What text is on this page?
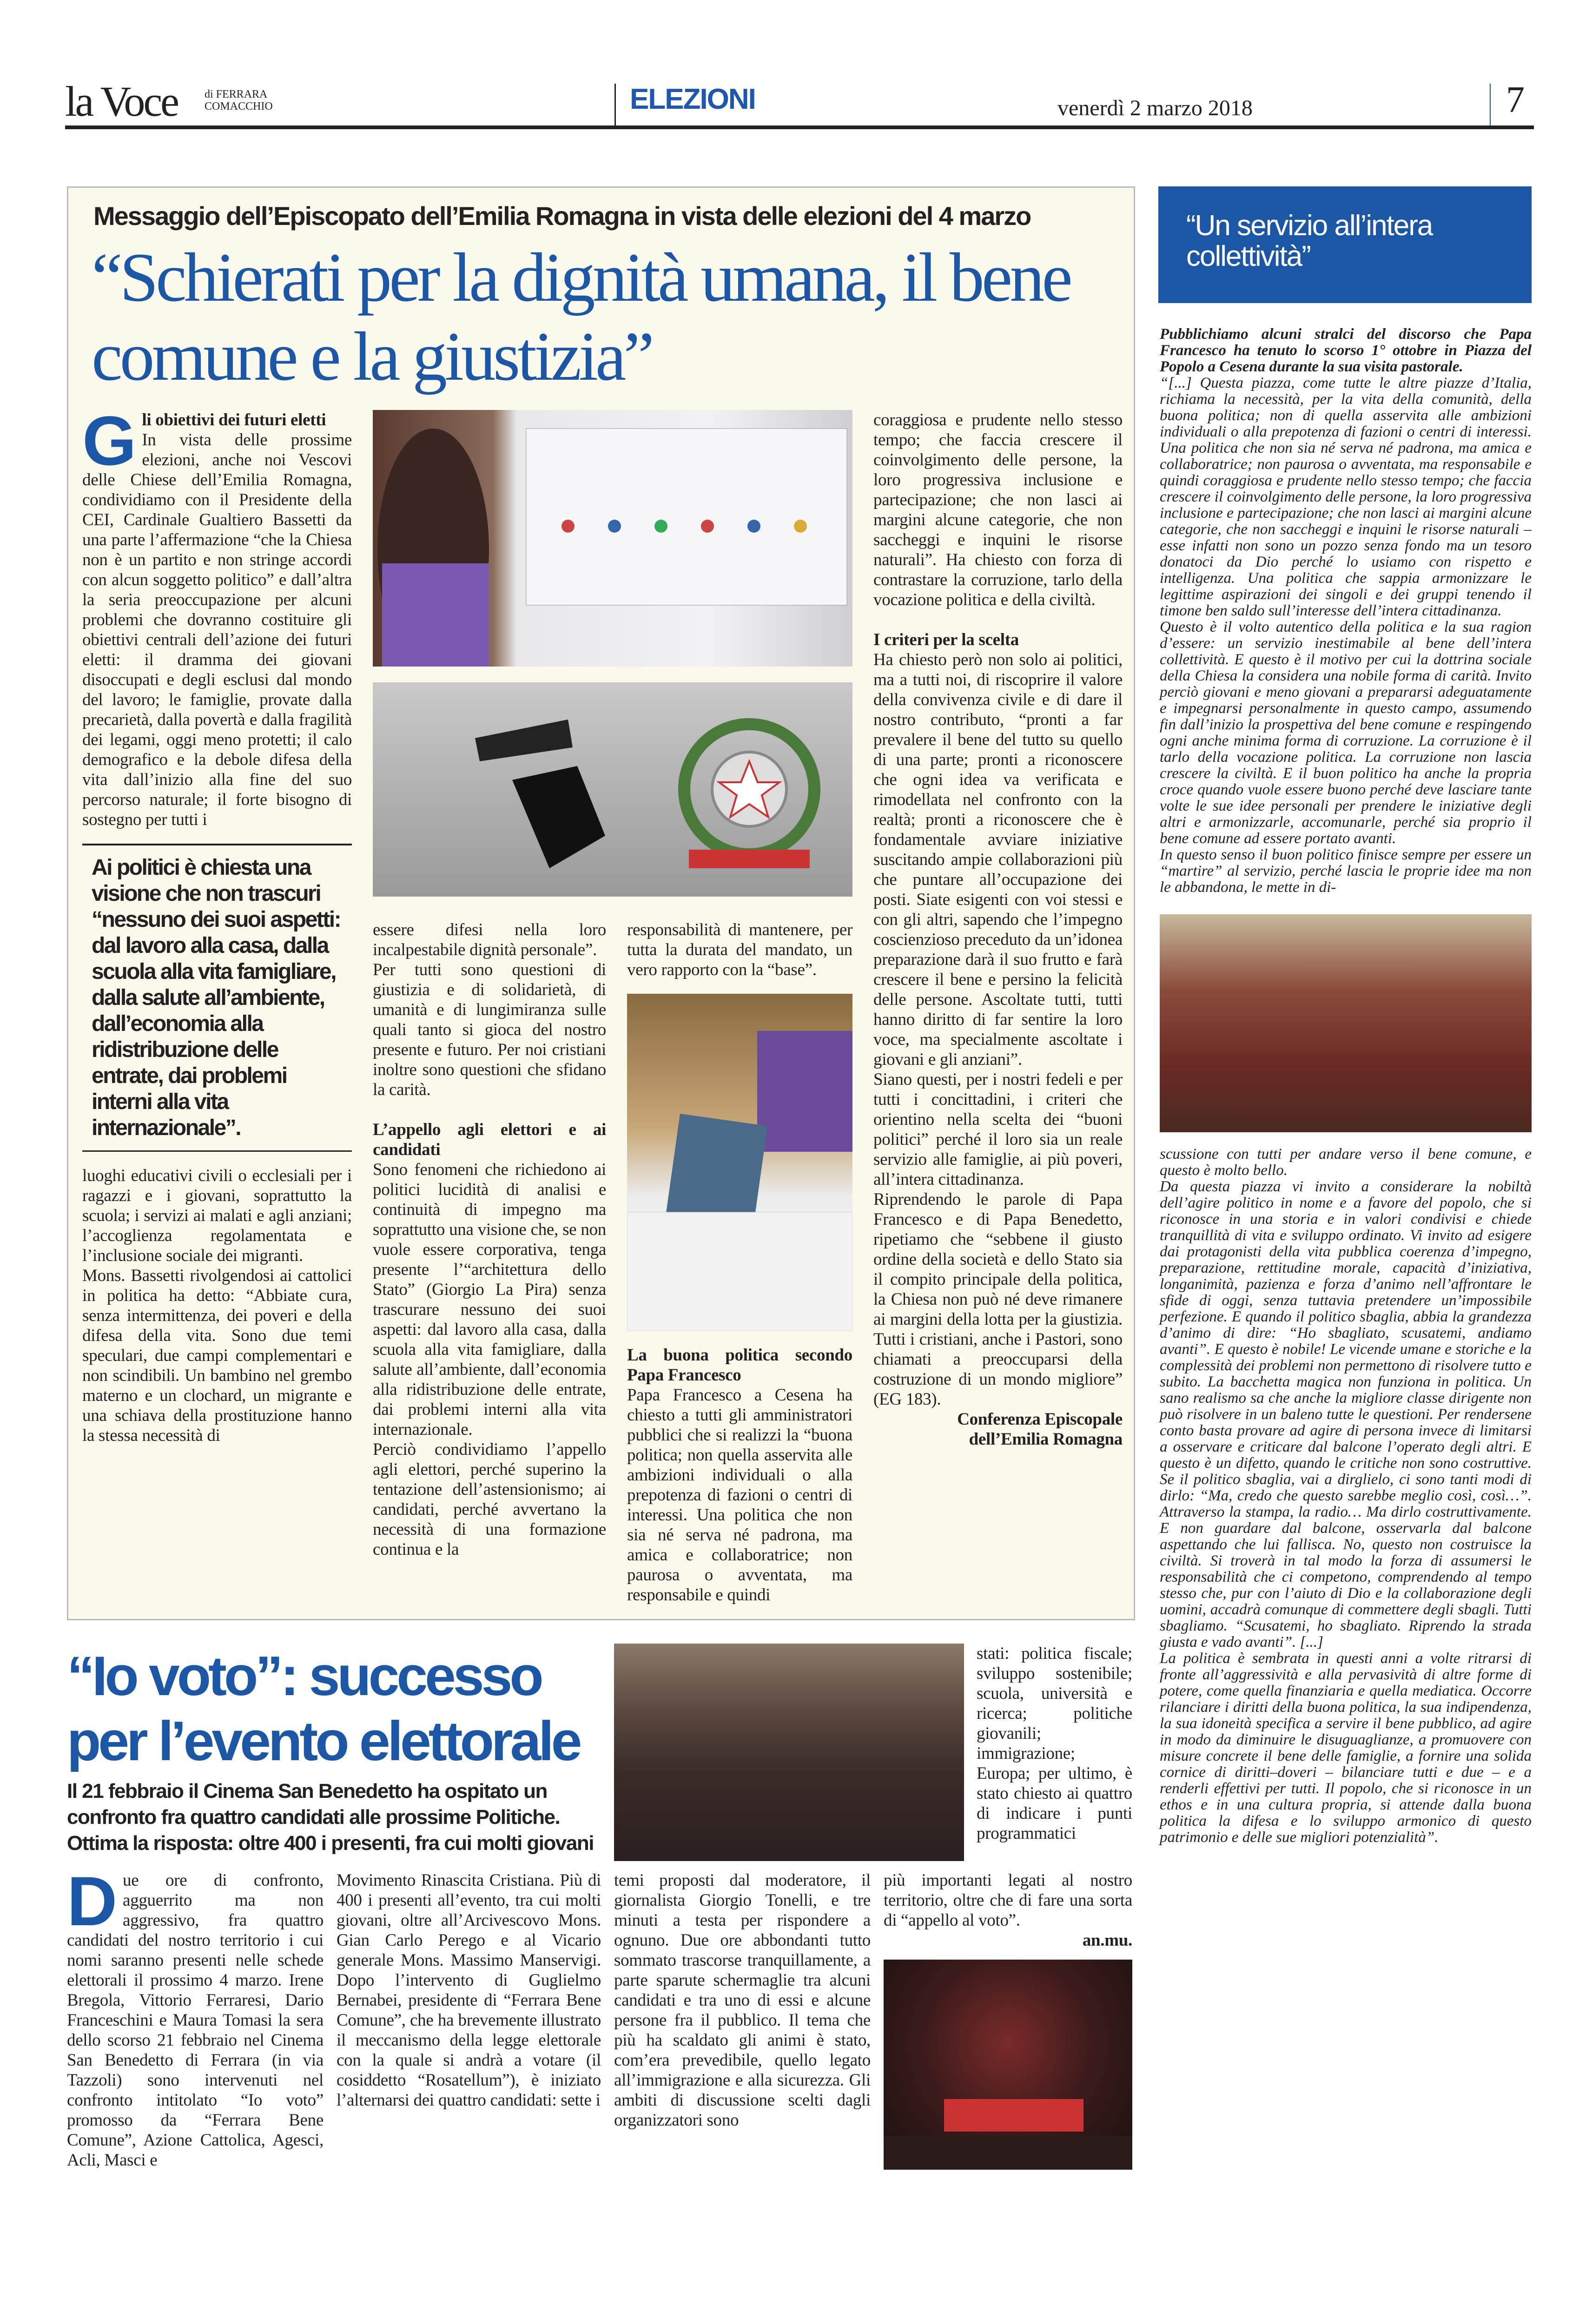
la Voce di FERRARA COMACCHIO	ELEZIONI	venerdì 2 marzo 2018	7
Messaggio dell’Episcopato dell’Emilia Romagna in vista delle elezioni del 4 marzo
“Schierati per la dignità umana, il bene comune e la giustizia”
G li obiettivi dei futuri eletti

In vista delle prossime elezioni, anche noi Vescovi delle Chiese dell’Emilia Romagna, condividiamo con il Presidente della CEI, Cardinale Gualtiero Bassetti da una parte l’affermazione “che la Chiesa non è un partito e non stringe accordi con alcun soggetto politico” e dall’altra la seria preoccupazione per alcuni problemi che dovranno costituire gli obiettivi centrali dell’azione dei futuri eletti: il dramma dei giovani disoccupati e degli esclusi dal mondo del lavoro; le famiglie, provate dalla precarietà, dalla povertà e dalla fragilità dei legami, oggi meno protetti; il calo demografico e la debole difesa della vita dall’inizio alla fine del suo percorso naturale; il forte bisogno di sostegno per tutti i

Ai politici è chiesta una visione che non trascuri “nessuno dei suoi aspetti: dal lavoro alla casa, dalla scuola alla vita famigliare, dalla salute all’ambiente, dall’economia alla ridistribuzione delle entrate, dai problemi interni alla vita internazionale”.

luoghi educativi civili o ecclesiali per i ragazzi e i giovani, soprattutto la scuola; i servizi ai malati e agli anziani; l’accoglienza regolamentata e l’inclusione sociale dei migranti.

Mons. Bassetti rivolgendosi ai cattolici in politica ha detto: “Abbiate cura, senza intermittenza, dei poveri e della difesa della vita. Sono due temi speculari, due campi complementari e non scindibili. Un bambino nel grembo materno e un clochard, un migrante e una schiava della prostituzione hanno la stessa necessità di

essere difesi nella loro incalpestabile dignità personale”.

Per tutti sono questioni di giustizia e di solidarietà, di umanità e di lungimiranza sulle quali tanto si gioca del nostro presente e futuro. Per noi cristiani inoltre sono questioni che sfidano la carità.

L’appello agli elettori e ai candidati

Sono fenomeni che richiedono ai politici lucidità di analisi e continuità di impegno ma soprattutto una visione che, se non vuole essere corporativa, tenga presente l’“architettura dello Stato” (Giorgio La Pira) senza trascurare nessuno dei suoi aspetti: dal lavoro alla casa, dalla scuola alla vita famigliare, dalla salute all’ambiente, dall’economia alla ridistribuzione delle entrate, dai problemi interni alla vita internazionale.

Perciò condividiamo l’appello agli elettori, perché superino la tentazione dell’astensionismo; ai candidati, perché avvertano la necessità di una formazione continua e la

responsabilità di mantenere, per tutta la durata del mandato, un vero rapporto con la “base”.

La buona politica secondo Papa Francesco

Papa Francesco a Cesena ha chiesto a tutti gli amministratori pubblici che si realizzi la “buona politica; non quella asservita alle ambizioni individuali o alla prepotenza di fazioni o centri di interessi. Una politica che non sia né serva né padrona, ma amica e collaboratrice; non paurosa o avventata, ma responsabile e quindi

coraggiosa e prudente nello stesso tempo; che faccia crescere il coinvolgimento delle persone, la loro progressiva inclusione e partecipazione; che non lasci ai margini alcune categorie, che non saccheggi e inquini le risorse naturali”. Ha chiesto con forza di contrastare la corruzione, tarlo della vocazione politica e della civiltà.

I criteri per la scelta

Ha chiesto però non solo ai politici, ma a tutti noi, di riscoprire il valore della convivenza civile e di dare il nostro contributo, “pronti a far prevalere il bene del tutto su quello di una parte; pronti a riconoscere che ogni idea va verificata e rimodellata nel confronto con la realtà; pronti a riconoscere che è fondamentale avviare iniziative suscitando ampie collaborazioni più che puntare all’occupazione dei posti. Siate esigenti con voi stessi e con gli altri, sapendo che l’impegno coscienzioso preceduto da un’idonea preparazione darà il suo frutto e farà crescere il bene e persino la felicità delle persone. Ascoltate tutti, tutti hanno diritto di far sentire la loro voce, ma specialmente ascoltate i giovani e gli anziani”.

Siano questi, per i nostri fedeli e per tutti i concittadini, i criteri che orientino nella scelta dei “buoni politici” perché il loro sia un reale servizio alle famiglie, ai più poveri, all’intera cittadinanza.

Riprendendo le parole di Papa Francesco e di Papa Benedetto, ripetiamo che “sebbene il giusto ordine della società e dello Stato sia il compito principale della politica, la Chiesa non può né deve rimanere ai margini della lotta per la giustizia. Tutti i cristiani, anche i Pastori, sono chiamati a preoccuparsi della costruzione di un mondo migliore” (EG 183).

Conferenza Episcopale dell’Emilia Romagna

“Io voto”: successo per l’evento elettorale
Il 21 febbraio il Cinema San Benedetto ha ospitato un confronto fra quattro candidati alle prossime Politiche. Ottima la risposta: oltre 400 i presenti, fra cui molti giovani

stati: politica fiscale; sviluppo sostenibile; scuola, università e ricerca; politiche giovanili; immigrazione; Europa; per ultimo, è stato chiesto ai quattro di indicare i punti programmatici

D ue ore di confronto, agguerrito ma non aggressivo, fra quattro candidati del nostro territorio i cui nomi saranno presenti nelle schede elettorali il prossimo 4 marzo. Irene Bregola, Vittorio Ferraresi, Dario Franceschini e Maura Tomasi la sera dello scorso 21 febbraio nel Cinema San Benedetto di Ferrara (in via Tazzoli) sono intervenuti nel confronto intitolato “Io voto” promosso da “Ferrara Bene Comune”, Azione Cattolica, Agesci, Acli, Masci e

Movimento Rinascita Cristiana. Più di 400 i presenti all’evento, tra cui molti giovani, oltre all’Arcivescovo Mons. Gian Carlo Perego e al Vicario generale Mons. Massimo Manservigi. Dopo l’intervento di Guglielmo Bernabei, presidente di “Ferrara Bene Comune”, che ha brevemente illustrato il meccanismo della legge elettorale con la quale si andrà a votare (il cosiddetto “Rosatellum”), è iniziato l’alternarsi dei quattro candidati: sette i

temi proposti dal moderatore, il giornalista Giorgio Tonelli, e tre minuti a testa per rispondere a ognuno. Due ore abbondanti tutto sommato trascorse tranquillamente, a parte sparute schermaglie tra alcuni candidati e tra uno di essi e alcune persone fra il pubblico. Il tema che più ha scaldato gli animi è stato, com’era prevedibile, quello legato all’immigrazione e alla sicurezza. Gli ambiti di discussione scelti dagli organizzatori sono

più importanti legati al nostro territorio, oltre che di fare una sorta di “appello al voto”.

an.mu.

“Un servizio all’intera collettività”

Pubblichiamo alcuni stralci del discorso che Papa Francesco ha tenuto lo scorso 1° ottobre in Piazza del Popolo a Cesena durante la sua visita pastorale.

“[...] Questa piazza, come tutte le altre piazze d’Italia, richiama la necessità, per la vita della comunità, della buona politica; non di quella asservita alle ambizioni individuali o alla prepotenza di fazioni o centri di interessi. Una politica che non sia né serva né padrona, ma amica e collaboratrice; non paurosa o avventata, ma responsabile e quindi coraggiosa e prudente nello stesso tempo; che faccia crescere il coinvolgimento delle persone, la loro progressiva inclusione e partecipazione; che non lasci ai margini alcune categorie, che non saccheggi e inquini le risorse naturali – esse infatti non sono un pozzo senza fondo ma un tesoro donatoci da Dio perché lo usiamo con rispetto e intelligenza. Una politica che sappia armonizzare le legittime aspirazioni dei singoli e dei gruppi tenendo il timone ben saldo sull’interesse dell’intera cittadinanza.

Questo è il volto autentico della politica e la sua ragion d’essere: un servizio inestimabile al bene dell’intera collettività. E questo è il motivo per cui la dottrina sociale della Chiesa la considera una nobile forma di carità. Invito perciò giovani e meno giovani a prepararsi adeguatamente e impegnarsi personalmente in questo campo, assumendo fin dall’inizio la prospettiva del bene comune e respingendo ogni anche minima forma di corruzione. La corruzione è il tarlo della vocazione politica. La corruzione non lascia crescere la civiltà. E il buon politico ha anche la propria croce quando vuole essere buono perché deve lasciare tante volte le sue idee personali per prendere le iniziative degli altri e armonizzarle, accomunarle, perché sia proprio il bene comune ad essere portato avanti.

In questo senso il buon politico finisce sempre per essere un “martire” al servizio, perché lascia le proprie idee ma non le abbandona, le mette in di-

scussione con tutti per andare verso il bene comune, e questo è molto bello.

Da questa piazza vi invito a considerare la nobiltà dell’agire politico in nome e a favore del popolo, che si riconosce in una storia e in valori condivisi e chiede tranquillità di vita e sviluppo ordinato. Vi invito ad esigere dai protagonisti della vita pubblica coerenza d’impegno, preparazione, rettitudine morale, capacità d’iniziativa, longanimità, pazienza e forza d’animo nell’affrontare le sfide di oggi, senza tuttavia pretendere un’impossibile perfezione. E quando il politico sbaglia, abbia la grandezza d’animo di dire: “Ho sbagliato, scusatemi, andiamo avanti”. E questo è nobile! Le vicende umane e storiche e la complessità dei problemi non permettono di risolvere tutto e subito. La bacchetta magica non funziona in politica. Un sano realismo sa che anche la migliore classe dirigente non può risolvere in un baleno tutte le questioni. Per rendersene conto basta provare ad agire di persona invece di limitarsi a osservare e criticare dal balcone l’operato degli altri. E questo è un difetto, quando le critiche non sono costruttive. Se il politico sbaglia, vai a dirglielo, ci sono tanti modi di dirlo: “Ma, credo che questo sarebbe meglio così, così…”. Attraverso la stampa, la radio… Ma dirlo costruttivamente. E non guardare dal balcone, osservarla dal balcone aspettando che lui fallisca. No, questo non costruisce la civiltà. Si troverà in tal modo la forza di assumersi le responsabilità che ci competono, comprendendo al tempo stesso che, pur con l’aiuto di Dio e la collaborazione degli uomini, accadrà comunque di commettere degli sbagli. Tutti sbagliamo. “Scusatemi, ho sbagliato. Riprendo la strada giusta e vado avanti”. [...]

La politica è sembrata in questi anni a volte ritrarsi di fronte all’aggressività e alla pervasività di altre forme di potere, come quella finanziaria e quella mediatica. Occorre rilanciare i diritti della buona politica, la sua indipendenza, la sua idoneità specifica a servire il bene pubblico, ad agire in modo da diminuire le disuguaglianze, a promuovere con misure concrete il bene delle famiglie, a fornire una solida cornice di diritti–doveri – bilanciare tutti e due – e a renderli effettivi per tutti. Il popolo, che si riconosce in un ethos e in una cultura propria, si attende dalla buona politica la difesa e lo sviluppo armonico di questo patrimonio e delle sue migliori potenzialità”.
